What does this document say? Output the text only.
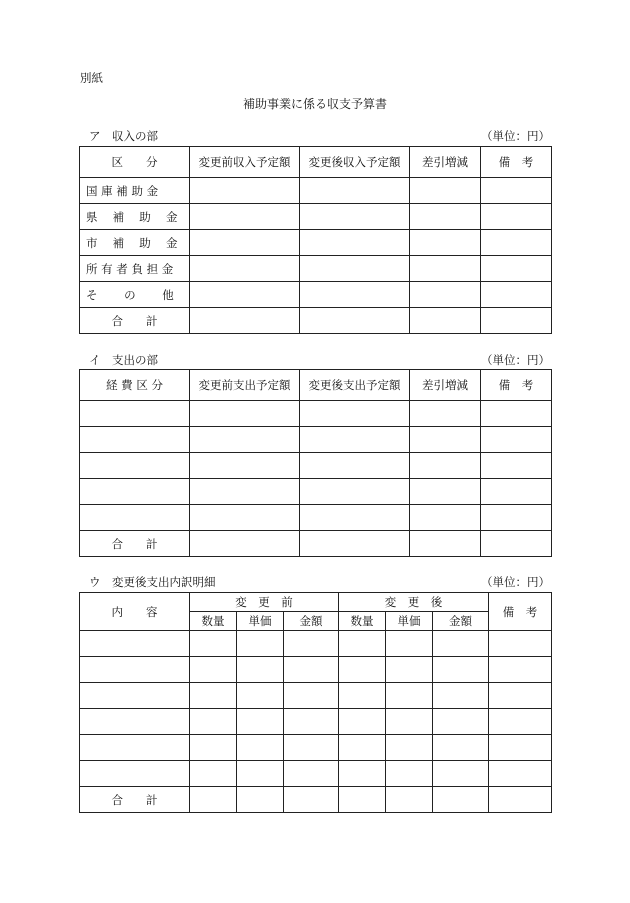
別紙
補助事業に係る収支予算書
ア　収入の部	（単位：円）
区　　分	変更前収入予定額	変更後収入予定額	差引増減	備　考
国 庫 補 助 金				
県　 補　 助　 金				
市　 補　 助　 金				
所 有 者 負 担 金				
そ　　 の　　 他				
合　　計				
イ　支出の部	（単位：円）
経 費 区 分	変更前支出予定額	変更後支出予定額	差引増減	備　考

合　　計				
ウ　変更後支出内訳明細	（単位：円）
内　　容	変　更　前			変　更　後			備　考
	数量	単価	金額	数量	単価	金額	

合　　計							
